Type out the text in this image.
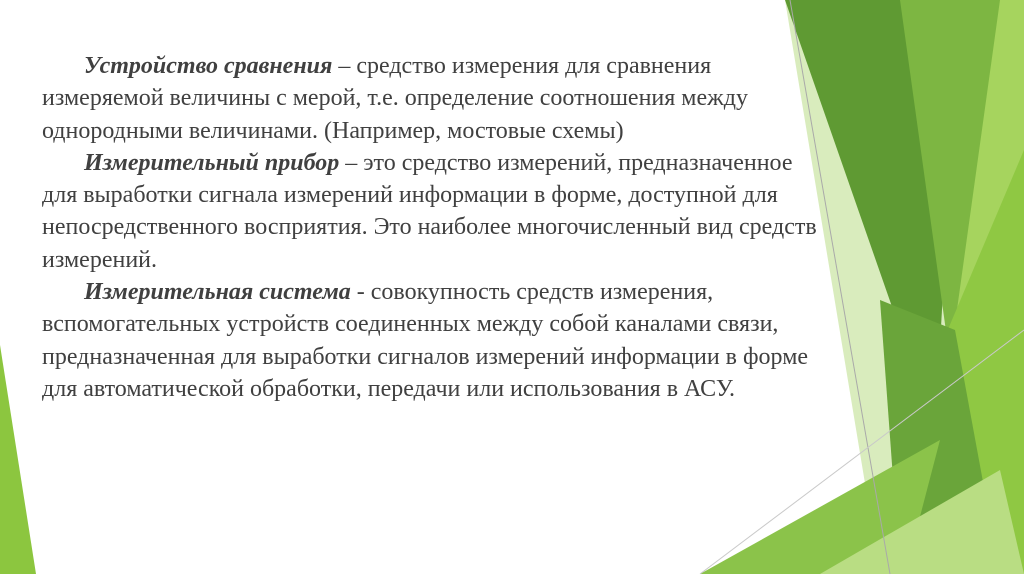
Устройство сравнения – средство измерения для сравнения измеряемой величины с мерой, т.е. определение соотношения между однородными величинами. (Например, мостовые схемы)

Измерительный прибор – это средство измерений, предназначенное для выработки сигнала измерений информации в форме, доступной для непосредственного восприятия. Это наиболее многочисленный вид средств измерений.

Измерительная система - совокупность средств измерения, вспомогательных устройств соединенных между собой каналами связи, предназначенная для выработки сигналов измерений информации в форме для автоматической обработки, передачи или использования в АСУ.
